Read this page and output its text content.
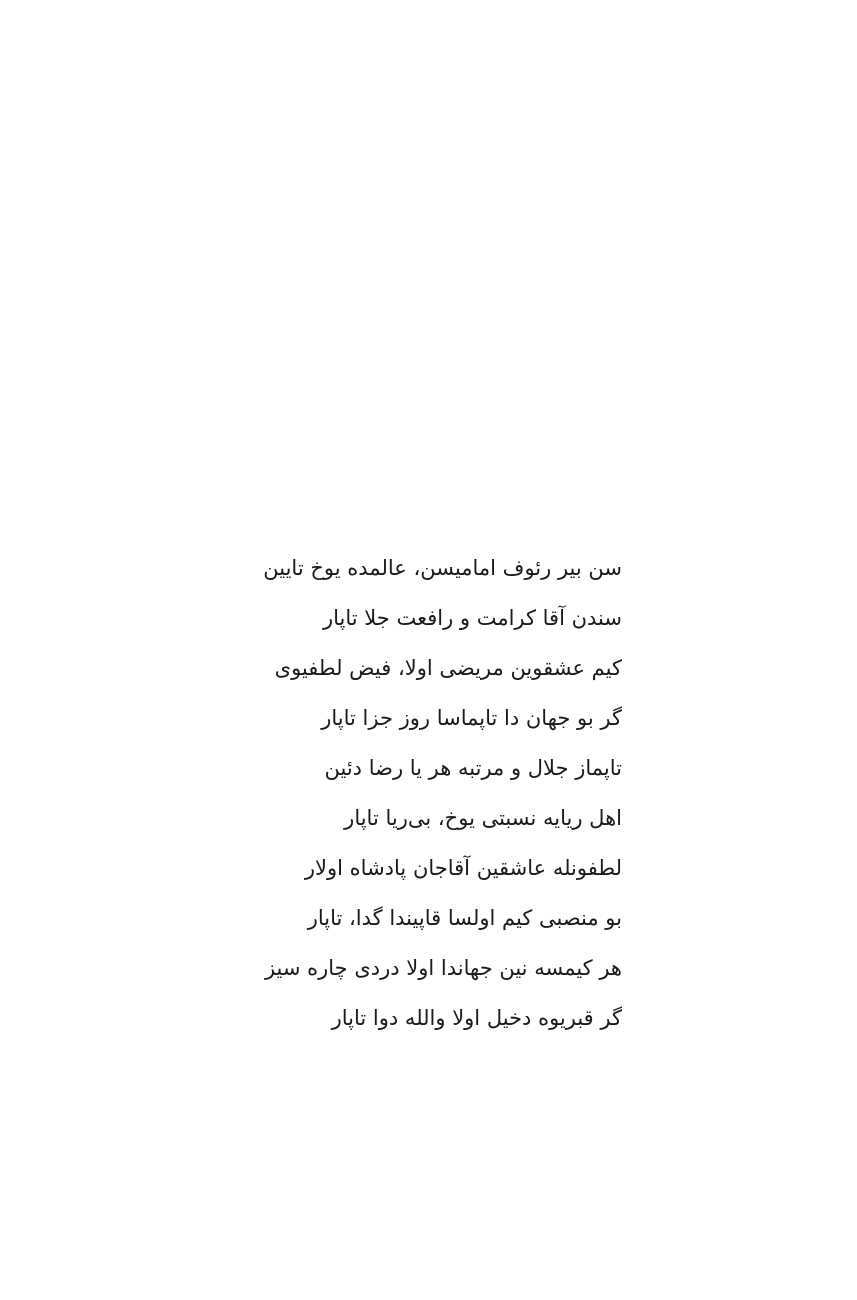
سن بیر رئوف امامیسن، عالمده یوخ تایین
سندن آقا کرامت و رافعت جلا تاپار
کیم عشقوین مریضی اولا، فیض لطفیوی
گر بو جهان دا تاپماسا روز جزا تاپار
تاپماز جلال و مرتبه هر یا رضا دئین
اهل ریایه نسبتی یوخ، بی‌ریا تاپار
لطفونله عاشقین آقاجان پادشاه اولار
بو منصبی کیم اولسا قاپیندا گدا، تاپار
هر کیمسه نین جهاندا اولا دردی چاره سیز
گر قبریوه دخیل اولا والله دوا تاپار
